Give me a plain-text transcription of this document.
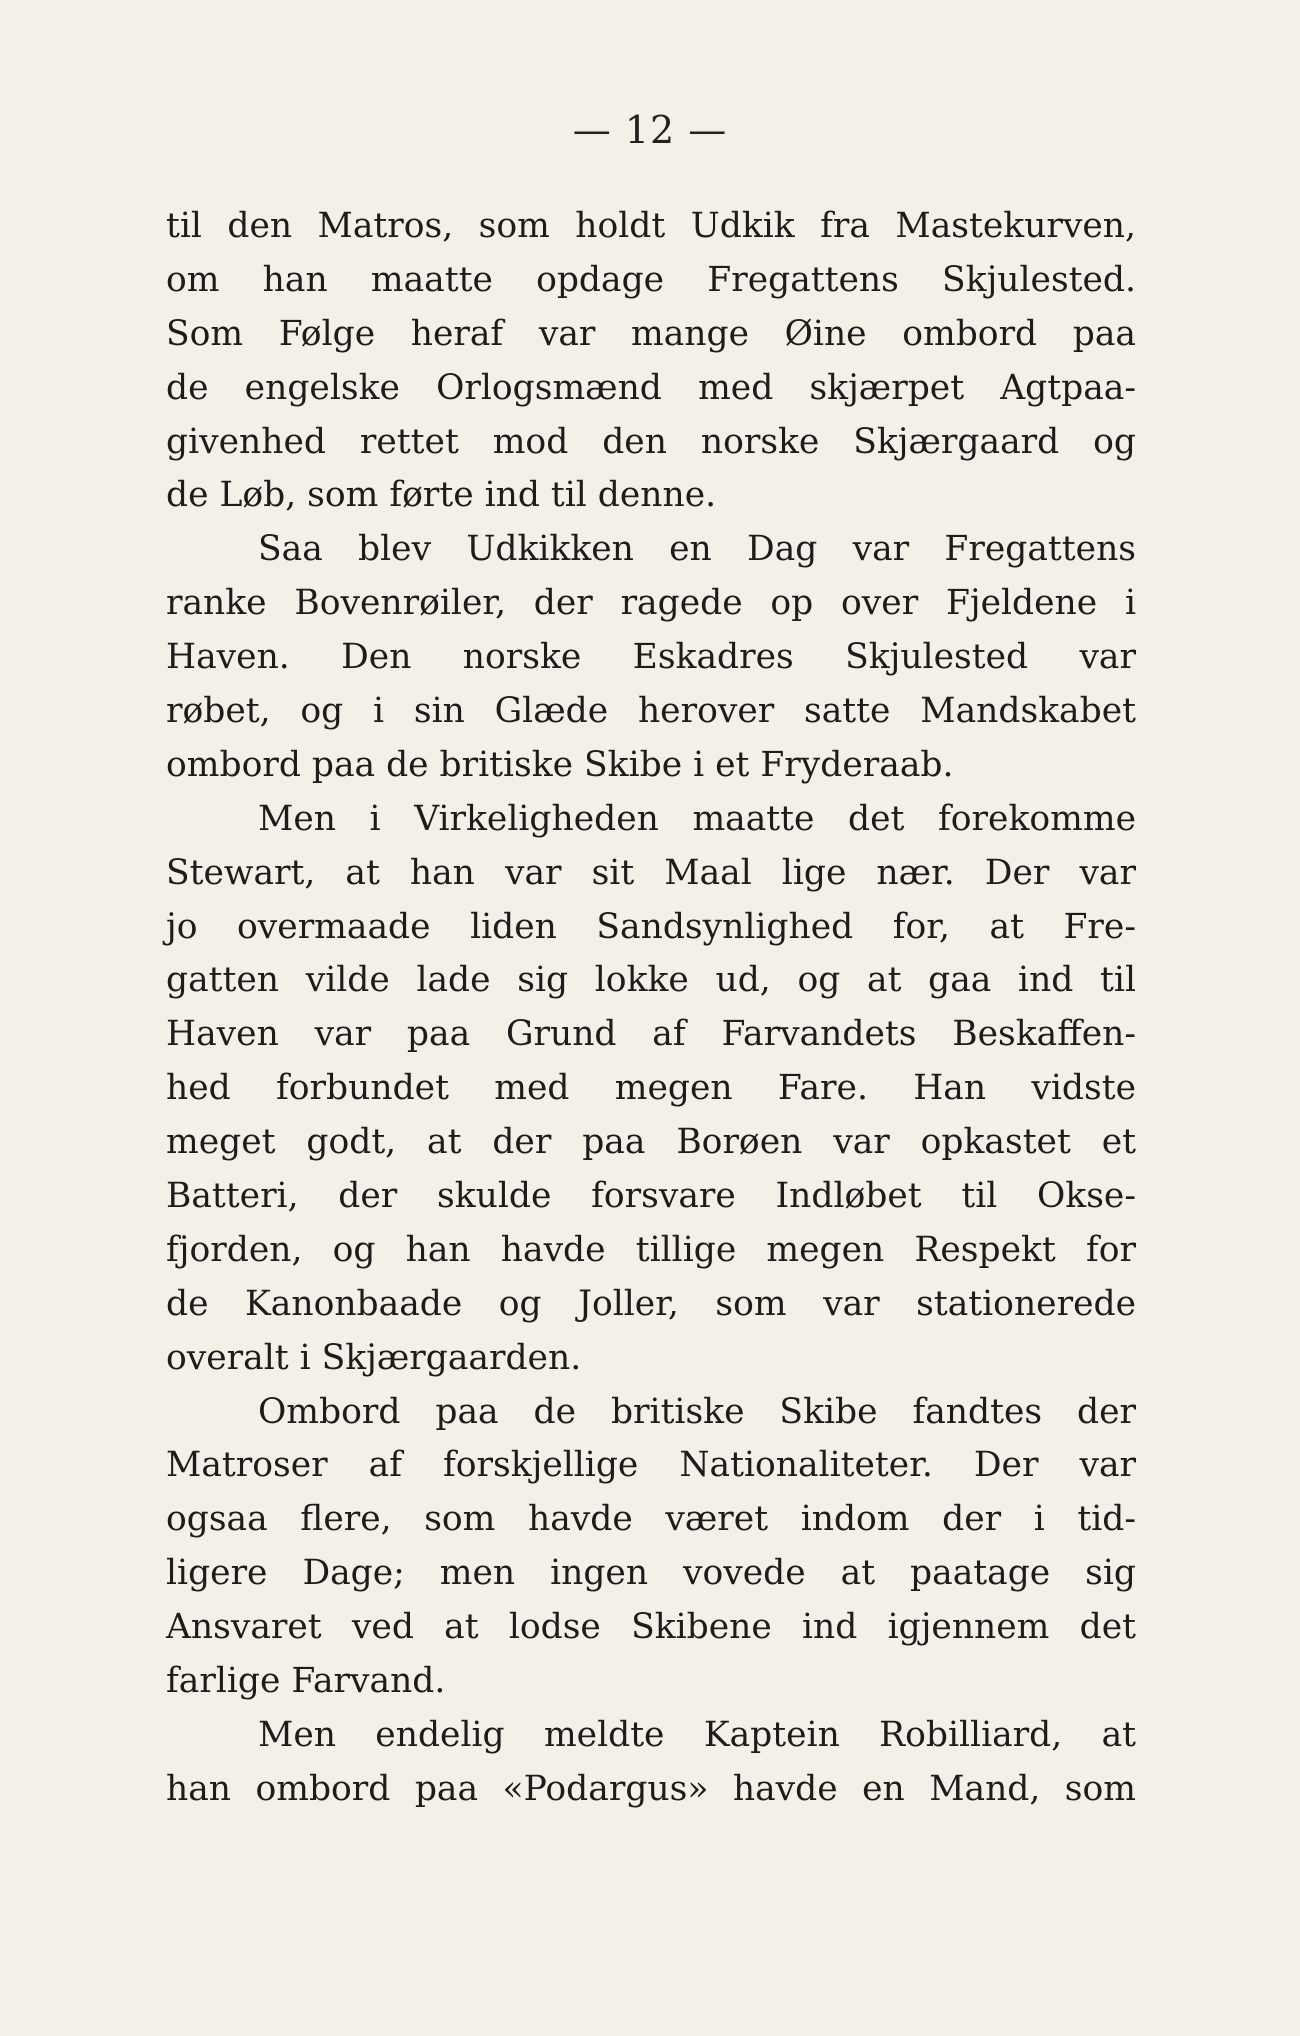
— 12 —
til den Matros, som holdt Udkik fra Mastekurven,
om han maatte opdage Fregattens Skjulested.
Som Følge heraf var mange Øine ombord paa
de engelske Orlogsmænd med skjærpet Agtpaa-
givenhed rettet mod den norske Skjærgaard og
de Løb, som førte ind til denne.
Saa blev Udkikken en Dag var Fregattens
ranke Bovenrøiler, der ragede op over Fjeldene i
Haven. Den norske Eskadres Skjulested var
røbet, og i sin Glæde herover satte Mandskabet
ombord paa de britiske Skibe i et Fryderaab.
Men i Virkeligheden maatte det forekomme
Stewart, at han var sit Maal lige nær. Der var
jo overmaade liden Sandsynlighed for, at Fre-
gatten vilde lade sig lokke ud, og at gaa ind til
Haven var paa Grund af Farvandets Beskaffen-
hed forbundet med megen Fare. Han vidste
meget godt, at der paa Borøen var opkastet et
Batteri, der skulde forsvare Indløbet til Okse-
fjorden, og han havde tillige megen Respekt for
de Kanonbaade og Joller, som var stationerede
overalt i Skjærgaarden.
Ombord paa de britiske Skibe fandtes der
Matroser af forskjellige Nationaliteter. Der var
ogsaa flere, som havde været indom der i tid-
ligere Dage; men ingen vovede at paatage sig
Ansvaret ved at lodse Skibene ind igjennem det
farlige Farvand.
Men endelig meldte Kaptein Robilliard, at
han ombord paa «Podargus» havde en Mand, som
